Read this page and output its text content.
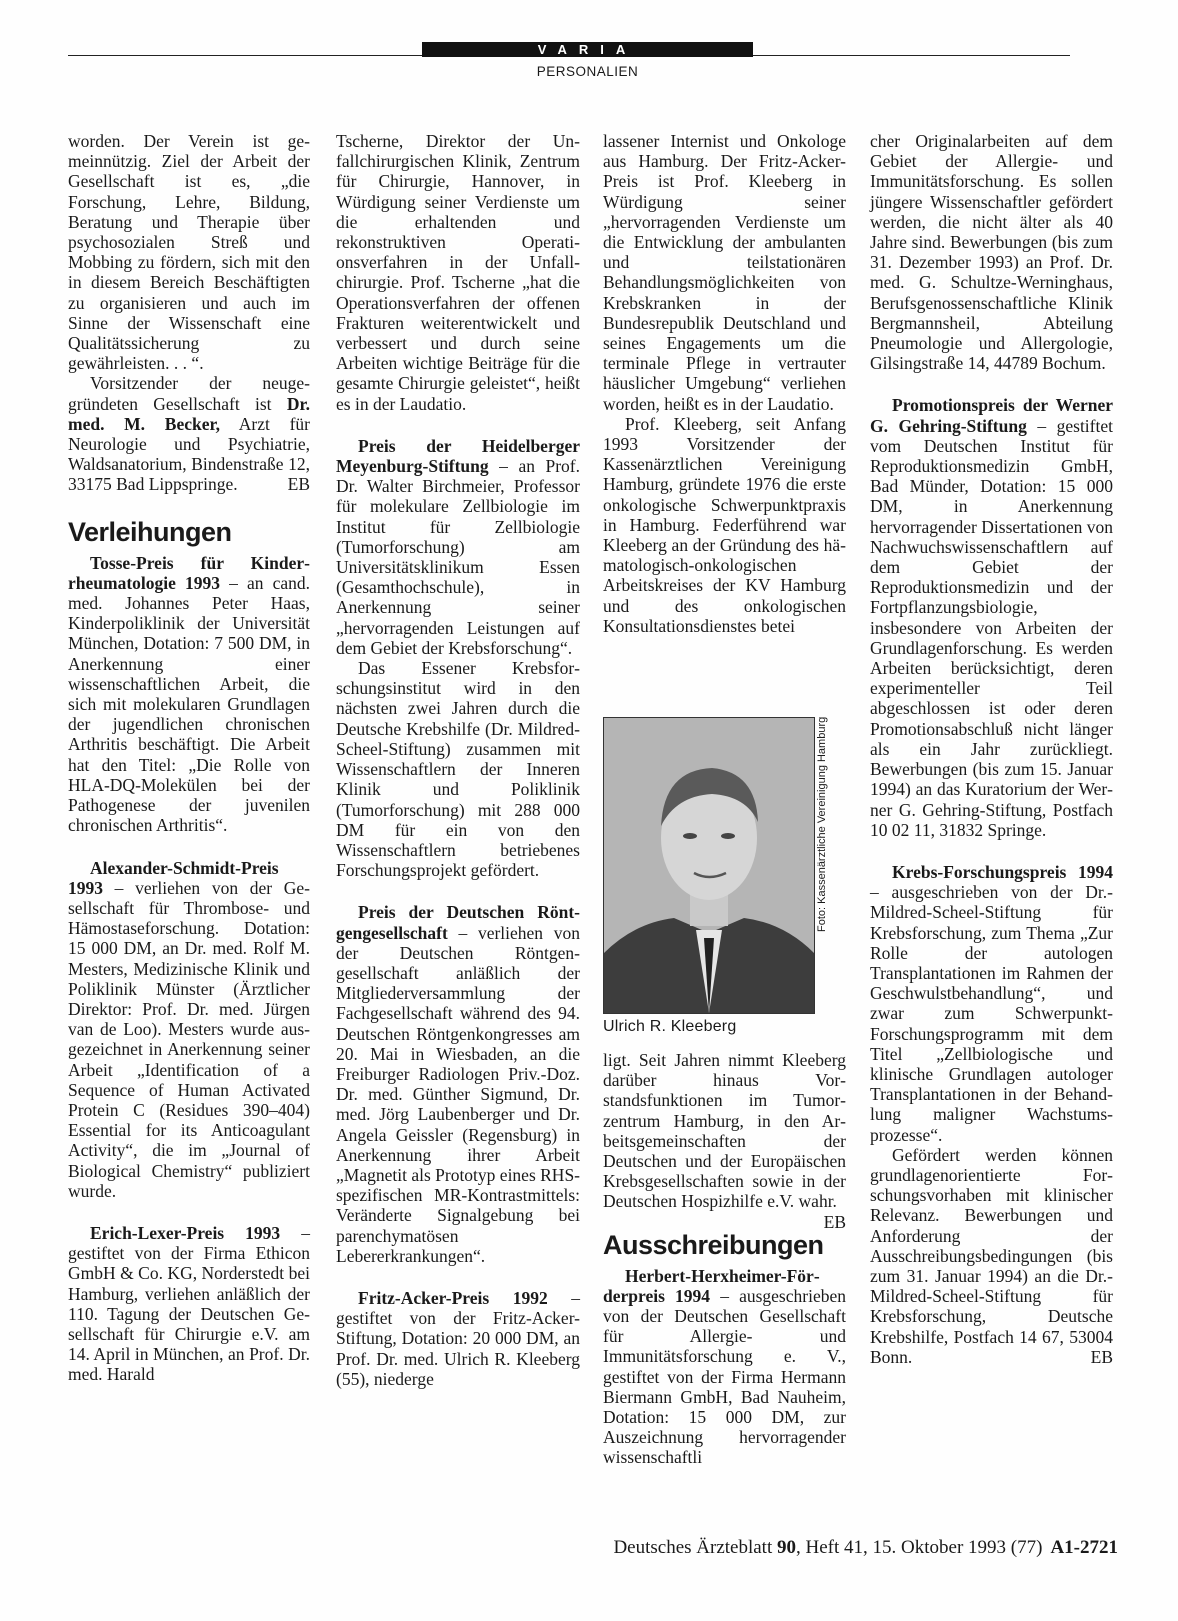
VARIA
PERSONALIEN

worden. Der Verein ist gemeinnützig. Ziel der Arbeit der Gesellschaft ist es, „die Forschung, Lehre, Bildung, Beratung und Therapie über psychosozialen Streß und Mobbing zu fördern, sich mit den in diesem Bereich Beschäftigten zu organisieren und auch im Sinne der Wissenschaft eine Qualitätssicherung zu gewährleisten. . . “.

Vorsitzender der neugegründeten Gesellschaft ist Dr. med. M. Becker, Arzt für Neurologie und Psychiatrie, Waldsanatorium, Bindenstraße 12, 33175 Bad Lippspringe.	EB

Verleihungen

Tosse-Preis für Kinderrheumatologie 1993 – an cand. med. Johannes Peter Haas, Kinderpoliklinik der Universität München, Dotation: 7 500 DM, in Anerkennung einer wissenschaftlichen Arbeit, die sich mit molekularen Grundlagen der jugendlichen chronischen Arthritis beschäftigt. Die Arbeit hat den Titel: „Die Rolle von HLA-DQ-Molekülen bei der Pathogenese der juvenilen chronischen Arthritis“.

Alexander-Schmidt-Preis 1993 – verliehen von der Gesellschaft für Thrombose- und Hämostaseforschung. Dotation: 15 000 DM, an Dr. med. Rolf M. Mesters, Medizinische Klinik und Poliklinik Münster (Ärztlicher Direktor: Prof. Dr. med. Jürgen van de Loo). Mesters wurde ausgezeichnet in Anerkennung seiner Arbeit „Identification of a Sequence of Human Activated Protein C (Residues 390–404) Essential for its Anticoagulant Activity“, die im „Journal of Biological Chemistry“ publiziert wurde.

Erich-Lexer-Preis 1993 – gestiftet von der Firma Ethicon GmbH & Co. KG, Norderstedt bei Hamburg, verliehen anläßlich der 110. Tagung der Deutschen Gesellschaft für Chirurgie e.V. am 14. April in München, an Prof. Dr. med. Harald

Tscherne, Direktor der Unfallchirurgischen Klinik, Zentrum für Chirurgie, Hannover, in Würdigung seiner Verdienste um die erhaltenden und rekonstruktiven Operationsverfahren in der Unfallchirurgie. Prof. Tscherne „hat die Operationsverfahren der offenen Frakturen weiterentwickelt und verbessert und durch seine Arbeiten wichtige Beiträge für die gesamte Chirurgie geleistet“, heißt es in der Laudatio.

Preis der Heidelberger Meyenburg-Stiftung – an Prof. Dr. Walter Birchmeier, Professor für molekulare Zellbiologie im Institut für Zellbiologie (Tumorforschung) am Universitätsklinikum Essen (Gesamthochschule), in Anerkennung seiner „hervorragenden Leistungen auf dem Gebiet der Krebsforschung“.

Das Essener Krebsforschungsinstitut wird in den nächsten zwei Jahren durch die Deutsche Krebshilfe (Dr. Mildred-Scheel-Stiftung) zusammen mit Wissenschaftlern der Inneren Klinik und Poliklinik (Tumorforschung) mit 288 000 DM für ein von den Wissenschaftlern betriebenes Forschungsprojekt gefördert.

Preis der Deutschen Röntgengesellschaft – verliehen von der Deutschen Röntgengesellschaft anläßlich der Mitgliederversammlung der Fachgesellschaft während des 94. Deutschen Röntgenkongresses am 20. Mai in Wiesbaden, an die Freiburger Radiologen Priv.-Doz. Dr. med. Günther Sigmund, Dr. med. Jörg Laubenberger und Dr. Angela Geissler (Regensburg) in Anerkennung ihrer Arbeit „Magnetit als Prototyp eines RHS-spezifischen MR-Kontrastmittels: Veränderte Signalgebung bei parenchymatösen Lebererkrankungen“.

Fritz-Acker-Preis 1992 – gestiftet von der Fritz-Acker-Stiftung, Dotation: 20 000 DM, an Prof. Dr. med. Ulrich R. Kleeberg (55), niederge

lassener Internist und Onkologe aus Hamburg. Der Fritz-Acker-Preis ist Prof. Kleeberg in Würdigung seiner „hervorragenden Verdienste um die Entwicklung der ambulanten und teilstationären Behandlungsmöglichkeiten von Krebskranken in der Bundesrepublik Deutschland und seines Engagements um die terminale Pflege in vertrauter häuslicher Umgebung“ verliehen worden, heißt es in der Laudatio.

Prof. Kleeberg, seit Anfang 1993 Vorsitzender der Kassenärztlichen Vereinigung Hamburg, gründete 1976 die erste onkologische Schwerpunktpraxis in Hamburg. Federführend war Kleeberg an der Gründung des hämatologisch-onkologischen Arbeitskreises der KV Hamburg und des onkologischen Konsultationsdienstes betei

Foto: Kassenärztliche Vereinigung Hamburg
Ulrich R. Kleeberg

ligt. Seit Jahren nimmt Kleeberg darüber hinaus Vorstandsfunktionen im Tumorzentrum Hamburg, in den Arbeitsgemeinschaften der Deutschen und der Europäischen Krebsgesellschaften sowie in der Deutschen Hospizhilfe e.V. wahr.
EB

Ausschreibungen

Herbert-Herxheimer-Förderpreis 1994 – ausgeschrieben von der Deutschen Gesellschaft für Allergie- und Immunitätsforschung e. V., gestiftet von der Firma Hermann Biermann GmbH, Bad Nauheim, Dotation: 15 000 DM, zur Auszeichnung hervorragender wissenschaftli

cher Originalarbeiten auf dem Gebiet der Allergie- und Immunitätsforschung. Es sollen jüngere Wissenschaftler gefördert werden, die nicht älter als 40 Jahre sind. Bewerbungen (bis zum 31. Dezember 1993) an Prof. Dr. med. G. Schultze-Werninghaus, Berufsgenossenschaftliche Klinik Bergmannsheil, Abteilung Pneumologie und Allergologie, Gilsingstraße 14, 44789 Bochum.

Promotionspreis der Werner G. Gehring-Stiftung – gestiftet vom Deutschen Institut für Reproduktionsmedizin GmbH, Bad Münder, Dotation: 15 000 DM, in Anerkennung hervorragender Dissertationen von Nachwuchswissenschaftlern auf dem Gebiet der Reproduktionsmedizin und der Fortpflanzungsbiologie, insbesondere von Arbeiten der Grundlagenforschung. Es werden Arbeiten berücksichtigt, deren experimenteller Teil abgeschlossen ist oder deren Promotionsabschluß nicht länger als ein Jahr zurückliegt. Bewerbungen (bis zum 15. Januar 1994) an das Kuratorium der Werner G. Gehring-Stiftung, Postfach 10 02 11, 31832 Springe.

Krebs-Forschungspreis 1994 – ausgeschrieben von der Dr.-Mildred-Scheel-Stiftung für Krebsforschung, zum Thema „Zur Rolle der autologen Transplantationen im Rahmen der Geschwulstbehandlung“, und zwar zum Schwerpunkt-Forschungsprogramm mit dem Titel „Zellbiologische und klinische Grundlagen autologer Transplantationen in der Behandlung maligner Wachstumsprozesse“.

Gefördert werden können grundlagenorientierte Forschungsvorhaben mit klinischer Relevanz. Bewerbungen und Anforderung der Ausschreibungsbedingungen (bis zum 31. Januar 1994) an die Dr.-Mildred-Scheel-Stiftung für Krebsforschung, Deutsche Krebshilfe, Postfach 14 67, 53004 Bonn.	EB

Deutsches Ärzteblatt 90, Heft 41, 15. Oktober 1993 (77) A1-2721
